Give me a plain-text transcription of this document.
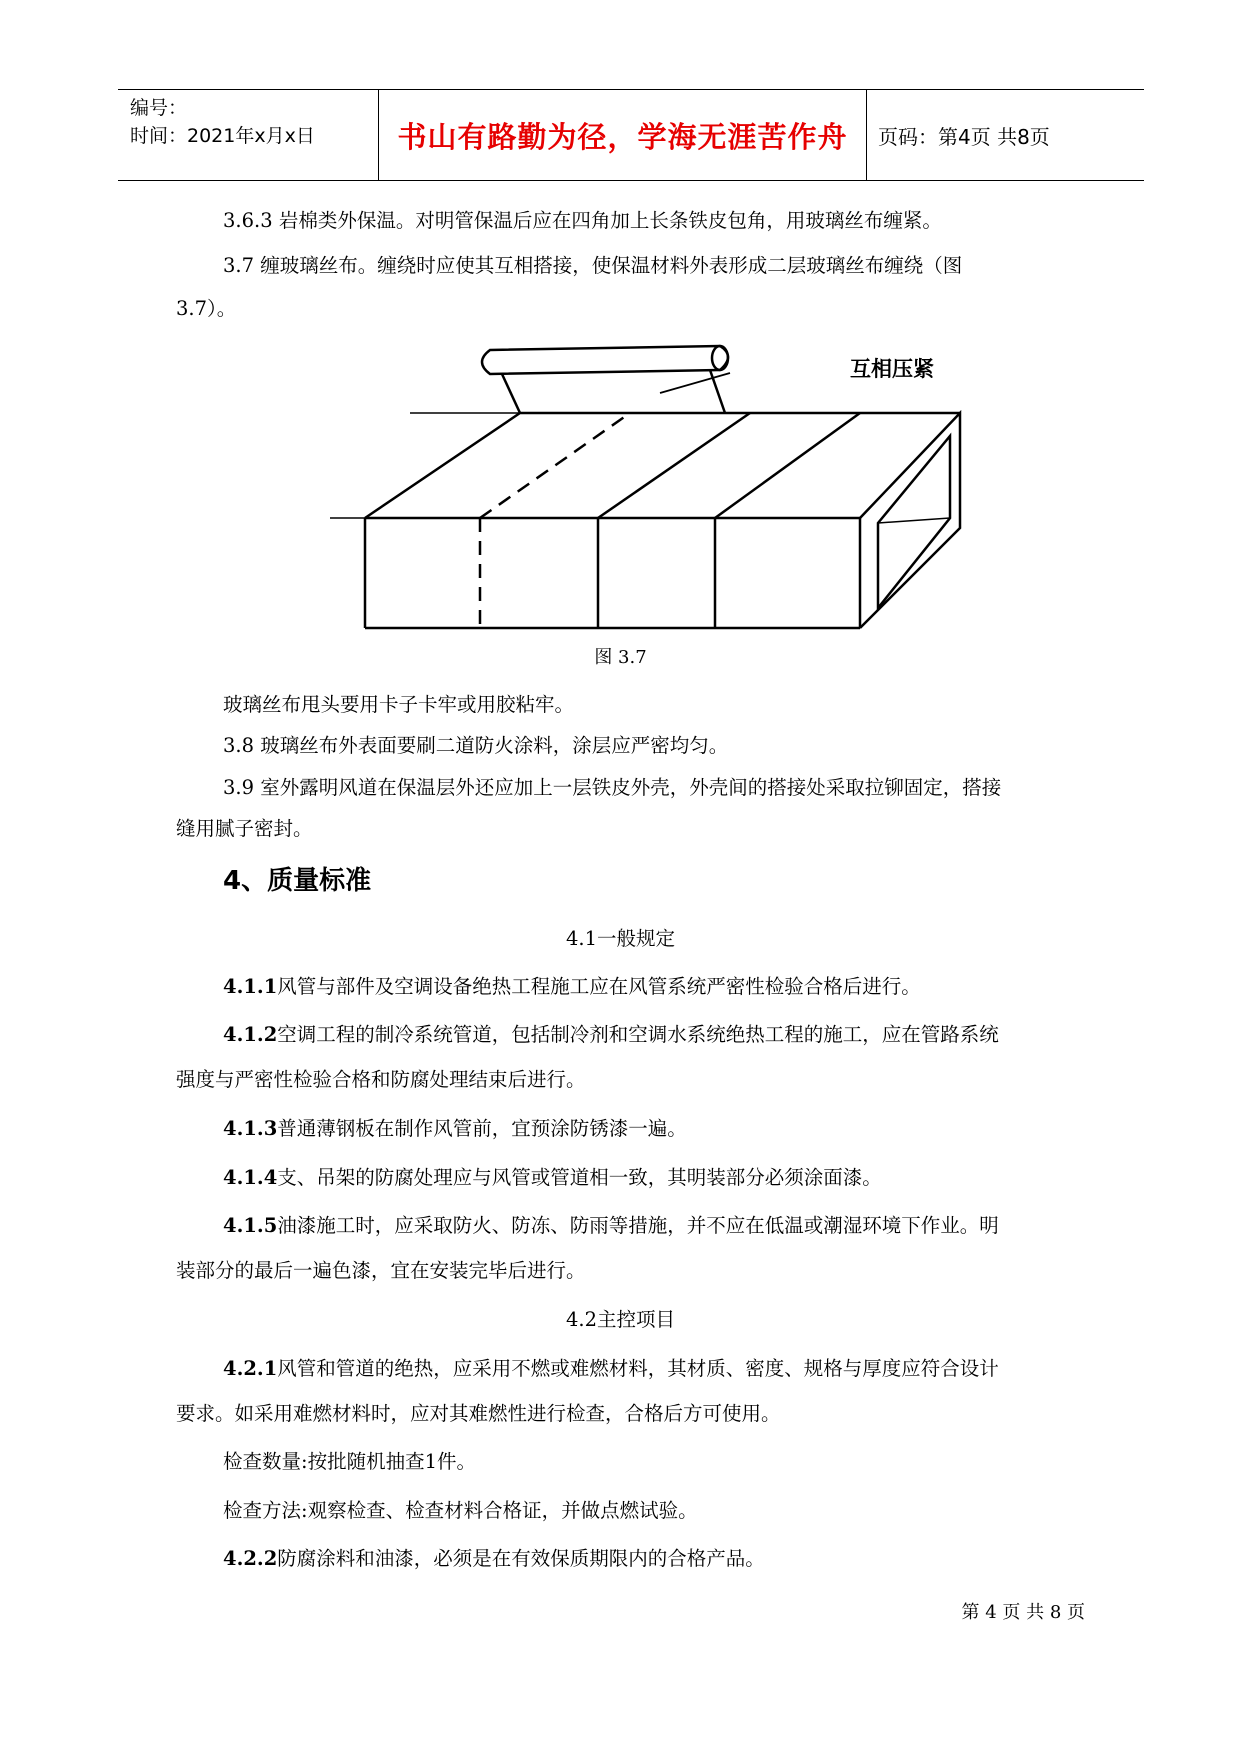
编号：
时间：2021年x月x日	书山有路勤为径，学海无涯苦作舟 页码：第4页 共8页
3.6.3 岩棉类外保温。对明管保温后应在四角加上长条铁皮包角，用玻璃丝布缠紧。
3.7 缠玻璃丝布。缠绕时应使其互相搭接，使保温材料外表形成二层玻璃丝布缠绕（图
3.7）。
互相压紧
图 3.7
玻璃丝布甩头要用卡子卡牢或用胶粘牢。
3.8 玻璃丝布外表面要刷二道防火涂料，涂层应严密均匀。
3.9 室外露明风道在保温层外还应加上一层铁皮外壳，外壳间的搭接处采取拉铆固定，搭接
缝用腻子密封。
4、质量标准
4.1一般规定
4.1.1风管与部件及空调设备绝热工程施工应在风管系统严密性检验合格后进行。
4.1.2空调工程的制冷系统管道，包括制冷剂和空调水系统绝热工程的施工，应在管路系统
强度与严密性检验合格和防腐处理结束后进行。
4.1.3普通薄钢板在制作风管前，宜预涂防锈漆一遍。
4.1.4支、吊架的防腐处理应与风管或管道相一致，其明装部分必须涂面漆。
4.1.5油漆施工时，应采取防火、防冻、防雨等措施，并不应在低温或潮湿环境下作业。明
装部分的最后一遍色漆，宜在安装完毕后进行。
4.2主控项目
4.2.1风管和管道的绝热，应采用不燃或难燃材料，其材质、密度、规格与厚度应符合设计
要求。如采用难燃材料时，应对其难燃性进行检查，合格后方可使用。
检查数量:按批随机抽查1件。
检查方法:观察检查、检查材料合格证，并做点燃试验。
4.2.2防腐涂料和油漆，必须是在有效保质期限内的合格产品。
第 4 页 共 8 页
